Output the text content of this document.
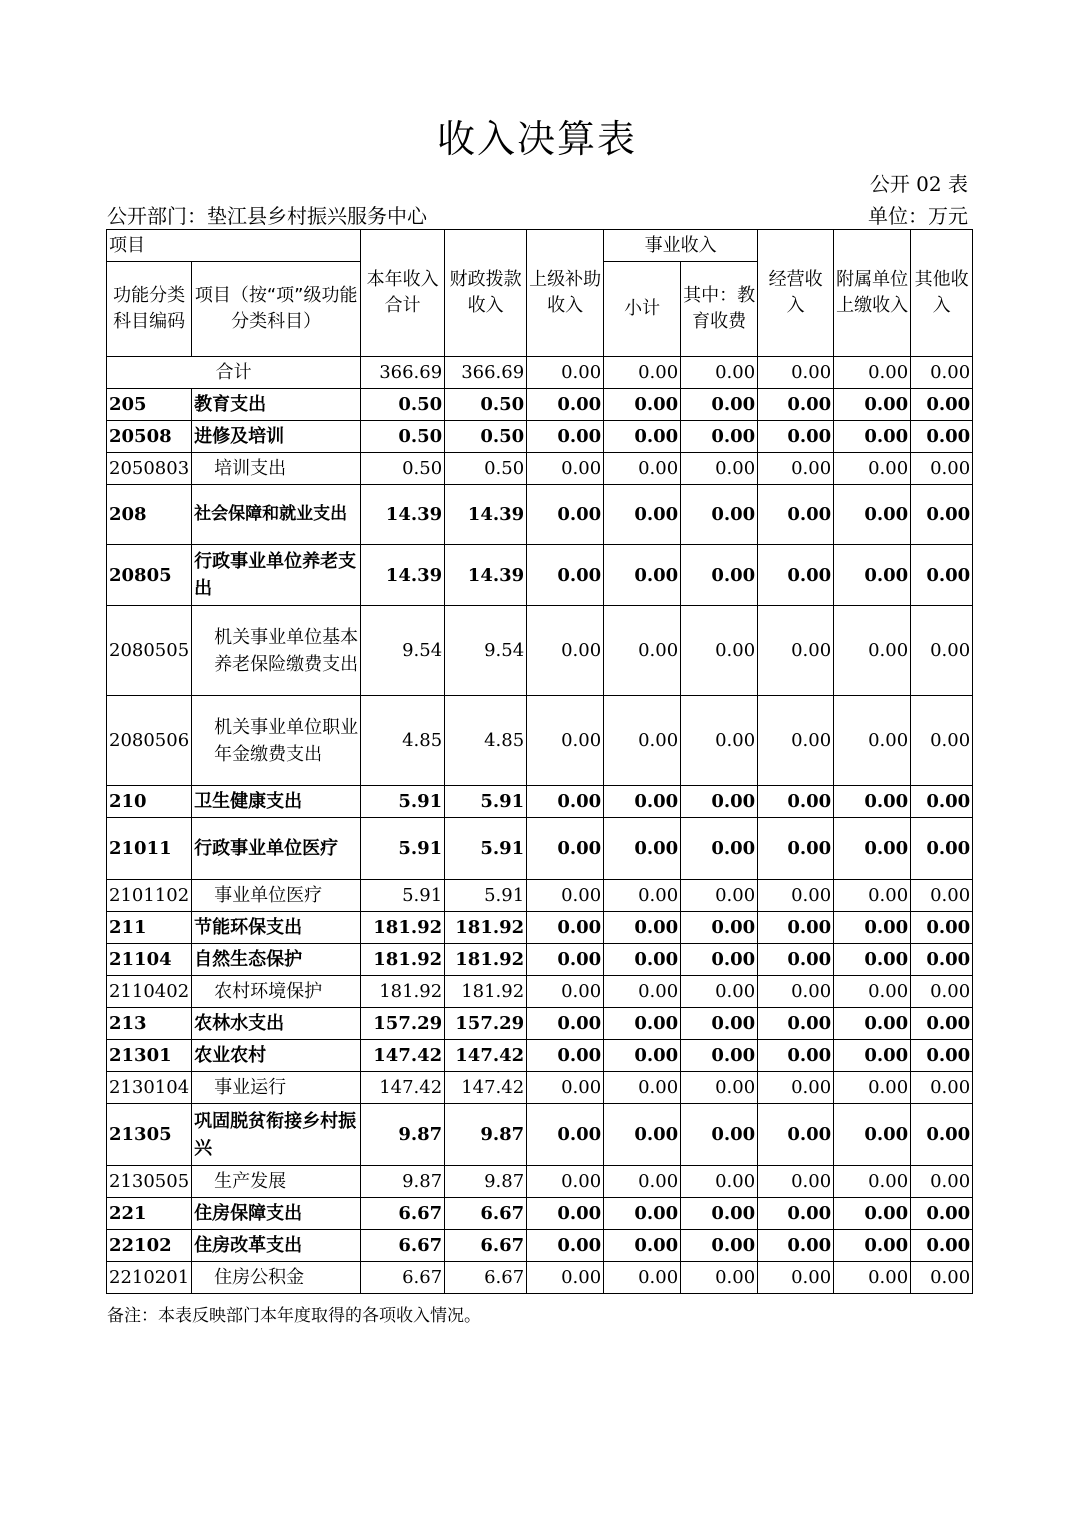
收入决算表
公开 02 表
公开部门：垫江县乡村振兴服务中心	单位：万元
项目		本年收入合计	财政拨款收入	上级补助收入	事业收入		经营收入	附属单位上缴收入	其他收入
功能分类科目编码	项目（按“项”级功能分类科目）				小计	其中：教育收费			
合计		366.69	366.69	0.00	0.00	0.00	0.00	0.00	0.00
205	教育支出	0.50	0.50	0.00	0.00	0.00	0.00	0.00	0.00
20508	进修及培训	0.50	0.50	0.00	0.00	0.00	0.00	0.00	0.00
2050803	培训支出	0.50	0.50	0.00	0.00	0.00	0.00	0.00	0.00
208	社会保障和就业支出	14.39	14.39	0.00	0.00	0.00	0.00	0.00	0.00
20805	行政事业单位养老支出	14.39	14.39	0.00	0.00	0.00	0.00	0.00	0.00
2080505	机关事业单位基本养老保险缴费支出	9.54	9.54	0.00	0.00	0.00	0.00	0.00	0.00
2080506	机关事业单位职业年金缴费支出	4.85	4.85	0.00	0.00	0.00	0.00	0.00	0.00
210	卫生健康支出	5.91	5.91	0.00	0.00	0.00	0.00	0.00	0.00
21011	行政事业单位医疗	5.91	5.91	0.00	0.00	0.00	0.00	0.00	0.00
2101102	事业单位医疗	5.91	5.91	0.00	0.00	0.00	0.00	0.00	0.00
211	节能环保支出	181.92	181.92	0.00	0.00	0.00	0.00	0.00	0.00
21104	自然生态保护	181.92	181.92	0.00	0.00	0.00	0.00	0.00	0.00
2110402	农村环境保护	181.92	181.92	0.00	0.00	0.00	0.00	0.00	0.00
213	农林水支出	157.29	157.29	0.00	0.00	0.00	0.00	0.00	0.00
21301	农业农村	147.42	147.42	0.00	0.00	0.00	0.00	0.00	0.00
2130104	事业运行	147.42	147.42	0.00	0.00	0.00	0.00	0.00	0.00
21305	巩固脱贫衔接乡村振兴	9.87	9.87	0.00	0.00	0.00	0.00	0.00	0.00
2130505	生产发展	9.87	9.87	0.00	0.00	0.00	0.00	0.00	0.00
221	住房保障支出	6.67	6.67	0.00	0.00	0.00	0.00	0.00	0.00
22102	住房改革支出	6.67	6.67	0.00	0.00	0.00	0.00	0.00	0.00
2210201	住房公积金	6.67	6.67	0.00	0.00	0.00	0.00	0.00	0.00
备注：本表反映部门本年度取得的各项收入情况。
